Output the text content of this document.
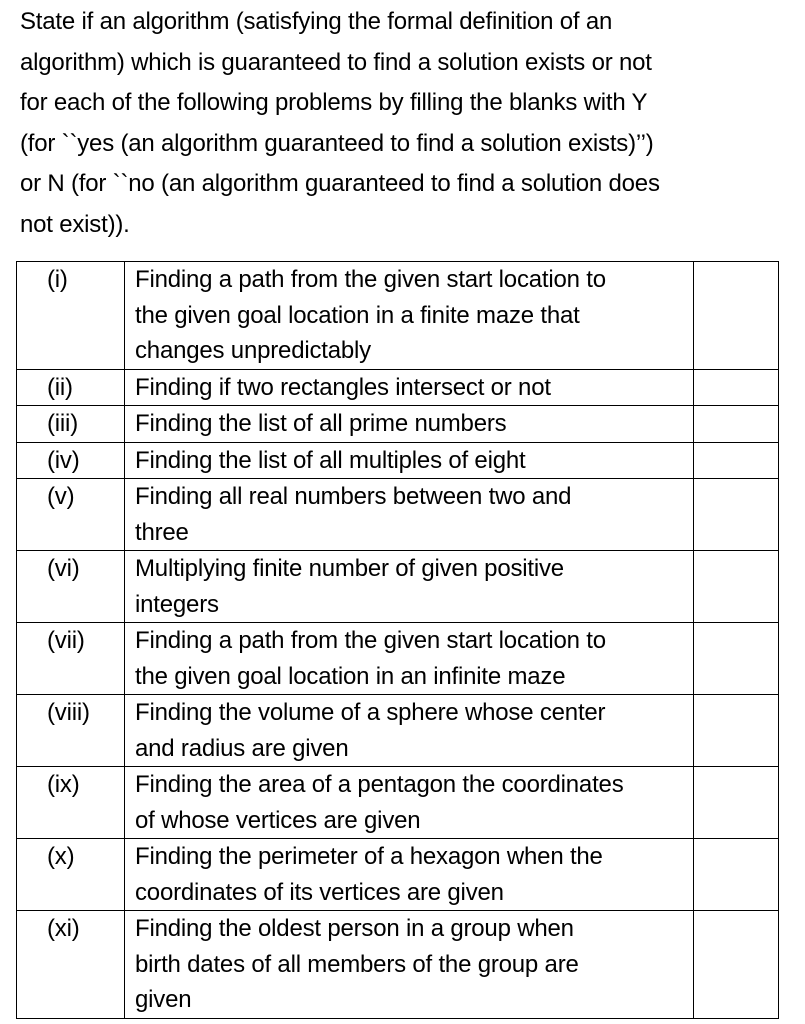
State if an algorithm (satisfying the formal definition of an
algorithm) which is guaranteed to find a solution exists or not
for each of the following problems by filling the blanks with Y
(for ``yes (an algorithm guaranteed to find a solution exists)’’)
or N (for ``no (an algorithm guaranteed to find a solution does
not exist)).
(i)	Finding a path from the given start location to
the given goal location in a finite maze that
changes unpredictably	

(ii)	Finding if two rectangles intersect or not	

(iii)	Finding the list of all prime numbers	

(iv)	Finding the list of all multiples of eight	

(v)	Finding all real numbers between two and
three	

(vi)	Multiplying finite number of given positive
integers	

(vii)	Finding a path from the given start location to
the given goal location in an infinite maze	

(viii)	Finding the volume of a sphere whose center
and radius are given	

(ix)	Finding the area of a pentagon the coordinates
of whose vertices are given	

(x)	Finding the perimeter of a hexagon when the
coordinates of its vertices are given	

(xi)	Finding the oldest person in a group when
birth dates of all members of the group are
given	
